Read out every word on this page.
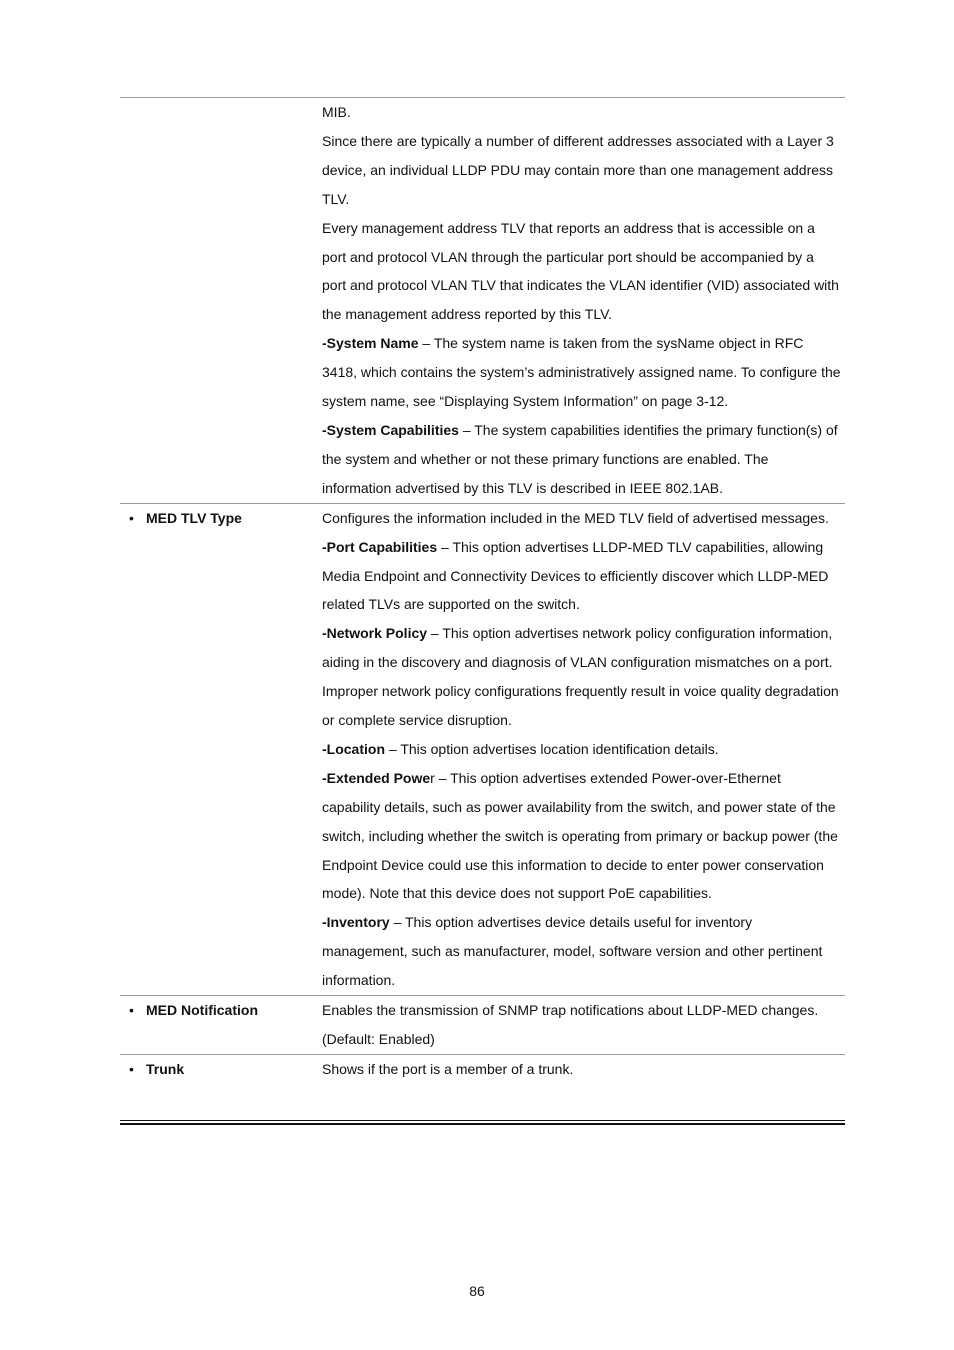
MIB.

Since there are typically a number of different addresses associated with a Layer 3 device, an individual LLDP PDU may contain more than one management address TLV.

Every management address TLV that reports an address that is accessible on a port and protocol VLAN through the particular port should be accompanied by a port and protocol VLAN TLV that indicates the VLAN identifier (VID) associated with the management address reported by this TLV.

-System Name – The system name is taken from the sysName object in RFC 3418, which contains the system’s administratively assigned name. To configure the system name, see “Displaying System Information” on page 3-12.

-System Capabilities – The system capabilities identifies the primary function(s) of the system and whether or not these primary functions are enabled. The information advertised by this TLV is described in IEEE 802.1AB.

• MED TLV Type	Configures the information included in the MED TLV field of advertised messages.

-Port Capabilities – This option advertises LLDP-MED TLV capabilities, allowing Media Endpoint and Connectivity Devices to efficiently discover which LLDP-MED related TLVs are supported on the switch.

-Network Policy – This option advertises network policy configuration information, aiding in the discovery and diagnosis of VLAN configuration mismatches on a port. Improper network policy configurations frequently result in voice quality degradation or complete service disruption.

-Location – This option advertises location identification details.

-Extended Power – This option advertises extended Power-over-Ethernet capability details, such as power availability from the switch, and power state of the switch, including whether the switch is operating from primary or backup power (the Endpoint Device could use this information to decide to enter power conservation mode). Note that this device does not support PoE capabilities.

-Inventory – This option advertises device details useful for inventory management, such as manufacturer, model, software version and other pertinent information.

• MED Notification	Enables the transmission of SNMP trap notifications about LLDP-MED changes. (Default: Enabled)

• Trunk	Shows if the port is a member of a trunk.

86
